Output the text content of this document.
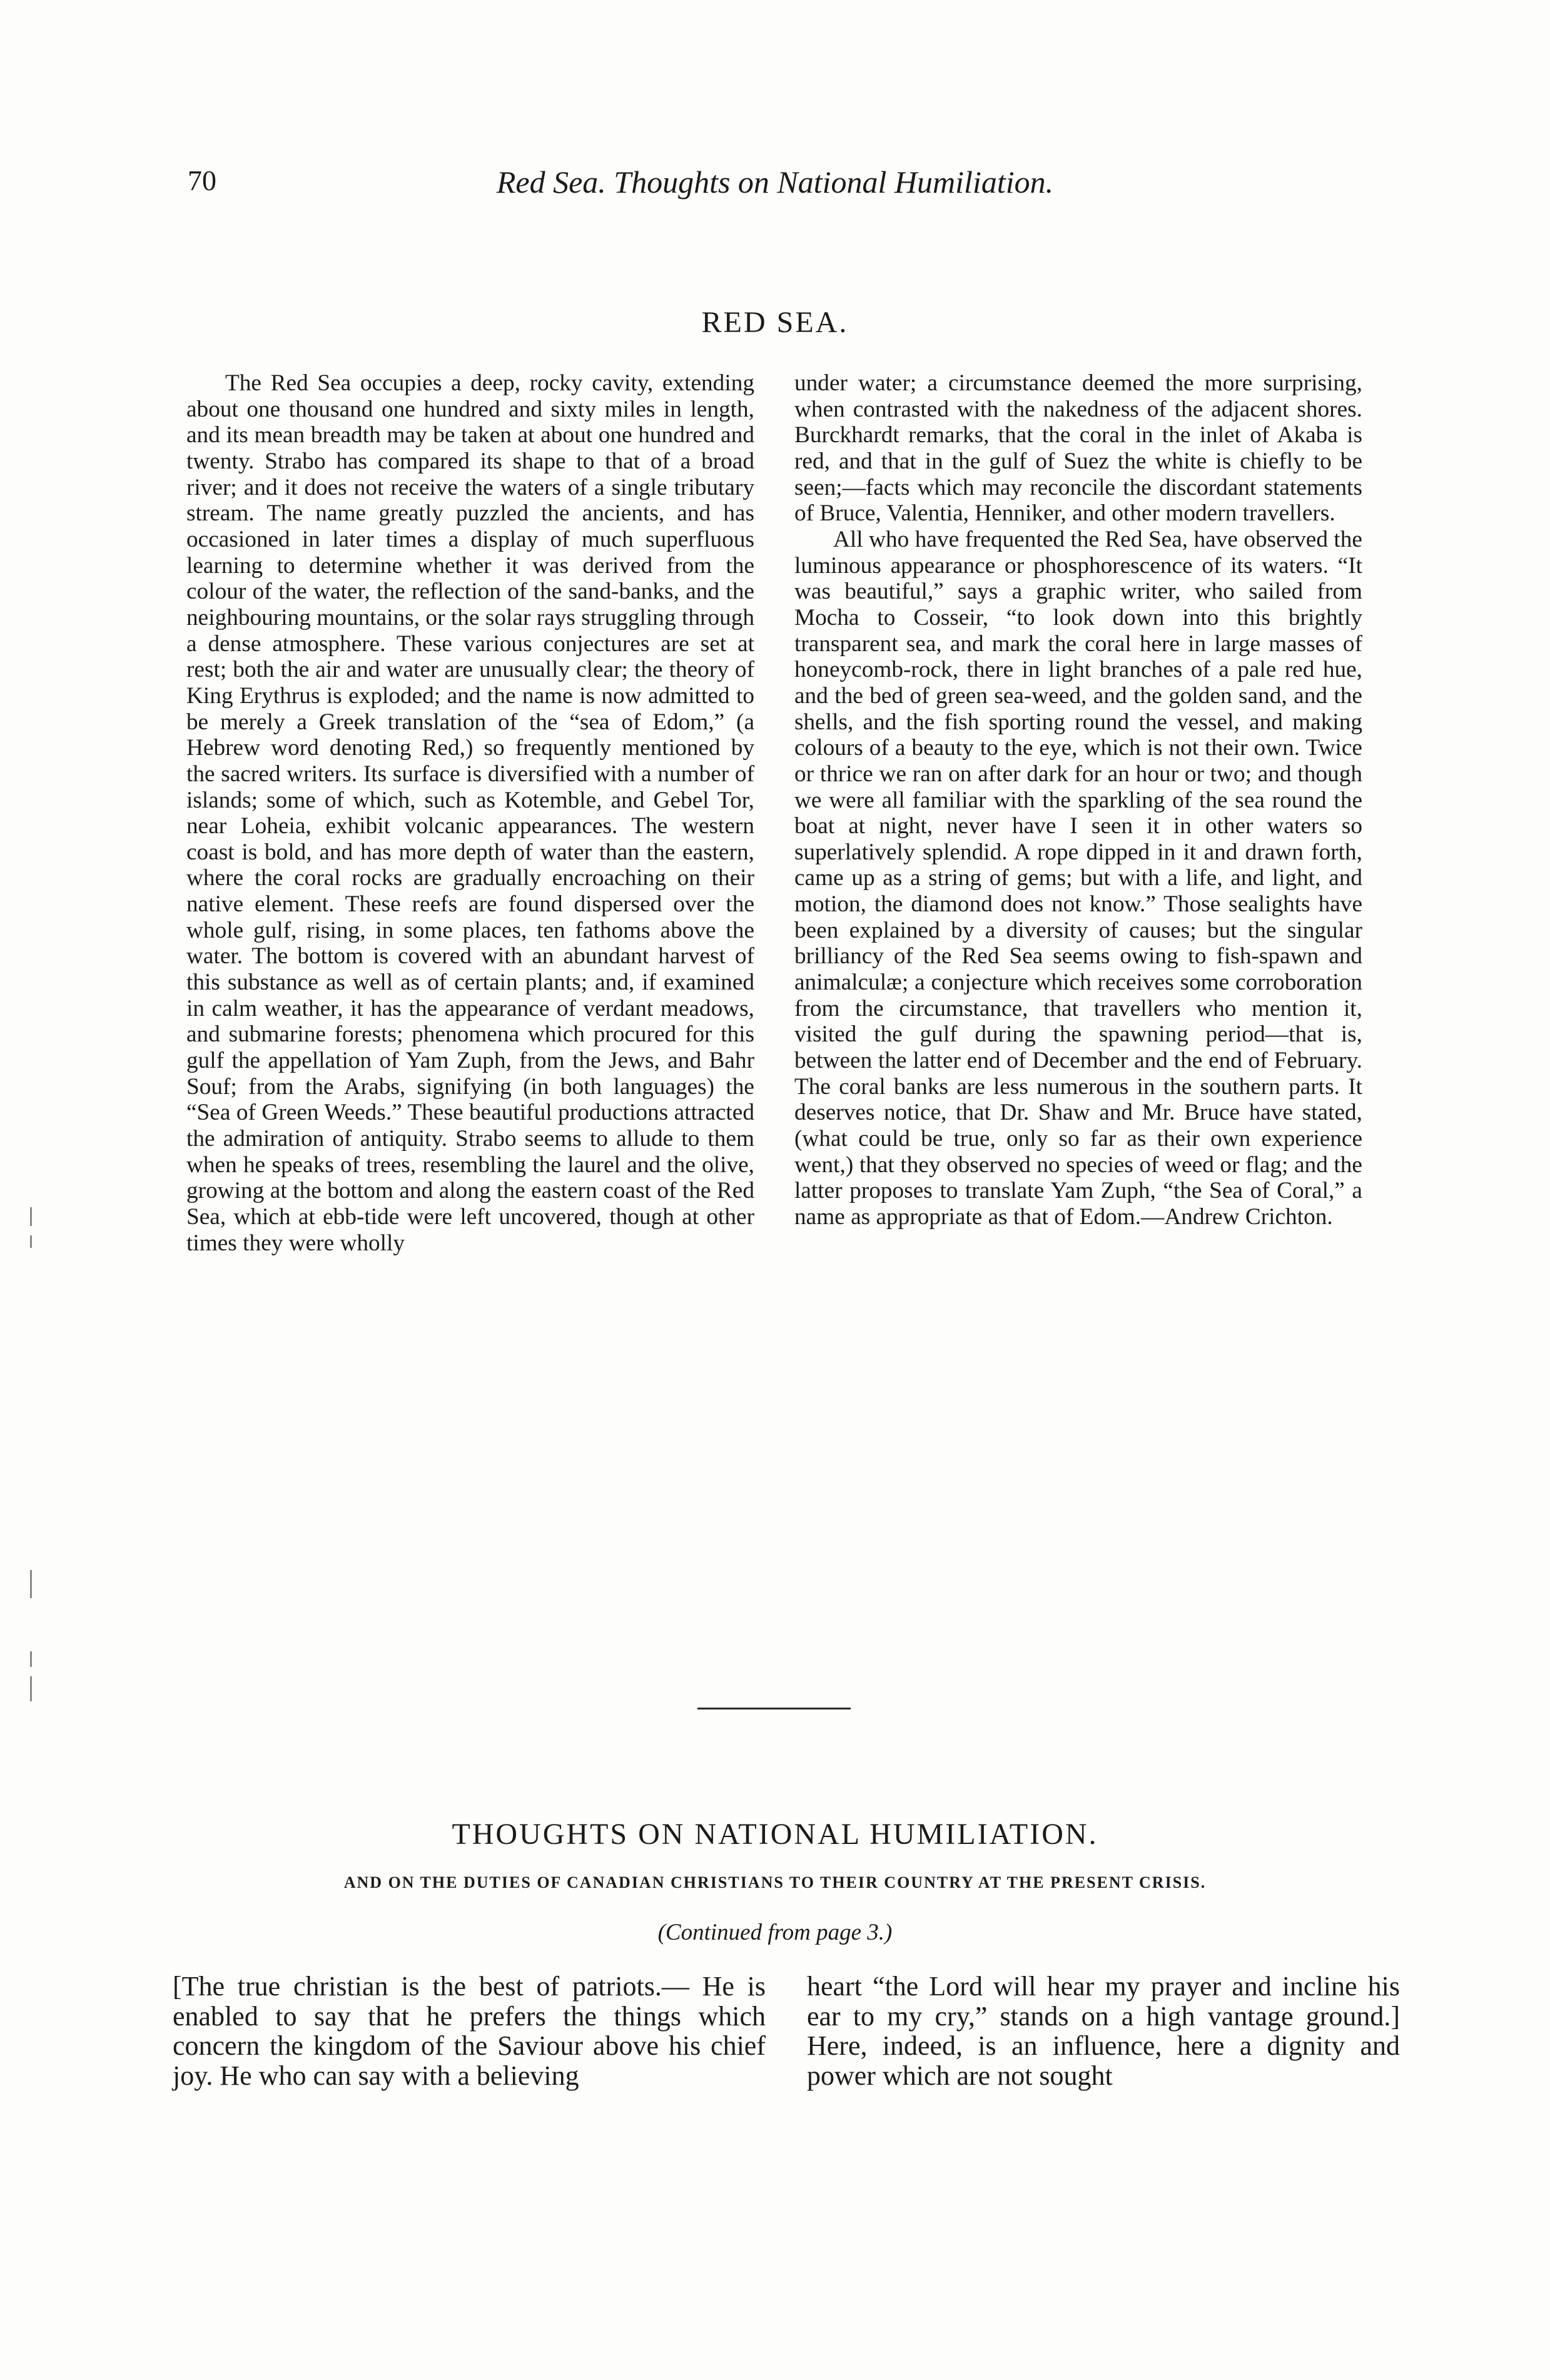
70	Red Sea. Thoughts on National Humiliation.
RED SEA.

The Red Sea occupies a deep, rocky cavity, extending about one thousand one hundred and sixty miles in length, and its mean breadth may be taken at about one hundred and twenty. Strabo has compared its shape to that of a broad river; and it does not receive the waters of a single tributary stream. The name greatly puzzled the ancients, and has occasioned in later times a display of much superfluous learning to determine whether it was derived from the colour of the water, the reflection of the sand-banks, and the neighbouring mountains, or the solar rays struggling through a dense atmosphere. These various conjectures are set at rest; both the air and water are unusually clear; the theory of King Erythrus is exploded; and the name is now admitted to be merely a Greek translation of the “sea of Edom,” (a Hebrew word denoting Red,) so frequently mentioned by the sacred writers. Its surface is diversified with a number of islands; some of which, such as Kotemble, and Gebel Tor, near Loheia, exhibit volcanic appearances. The western coast is bold, and has more depth of water than the eastern, where the coral rocks are gradually encroaching on their native element. These reefs are found dispersed over the whole gulf, rising, in some places, ten fathoms above the water. The bottom is covered with an abundant harvest of this substance as well as of certain plants; and, if examined in calm weather, it has the appearance of verdant meadows, and submarine forests; phenomena which procured for this gulf the appellation of Yam Zuph, from the Jews, and Bahr Souf; from the Arabs, signifying (in both languages) the “Sea of Green Weeds.” These beautiful productions attracted the admiration of antiquity. Strabo seems to allude to them when he speaks of trees, resembling the laurel and the olive, growing at the bottom and along the eastern coast of the Red Sea, which at ebb-tide were left uncovered, though at other times they were wholly

under water; a circumstance deemed the more surprising, when contrasted with the nakedness of the adjacent shores. Burckhardt remarks, that the coral in the inlet of Akaba is red, and that in the gulf of Suez the white is chiefly to be seen;—facts which may reconcile the discordant statements of Bruce, Valentia, Henniker, and other modern travellers.

All who have frequented the Red Sea, have observed the luminous appearance or phosphorescence of its waters. “It was beautiful,” says a graphic writer, who sailed from Mocha to Cosseir, “to look down into this brightly transparent sea, and mark the coral here in large masses of honeycomb-rock, there in light branches of a pale red hue, and the bed of green sea-weed, and the golden sand, and the shells, and the fish sporting round the vessel, and making colours of a beauty to the eye, which is not their own. Twice or thrice we ran on after dark for an hour or two; and though we were all familiar with the sparkling of the sea round the boat at night, never have I seen it in other waters so superlatively splendid. A rope dipped in it and drawn forth, came up as a string of gems; but with a life, and light, and motion, the diamond does not know.” Those sealights have been explained by a diversity of causes; but the singular brilliancy of the Red Sea seems owing to fish-spawn and animalculæ; a conjecture which receives some corroboration from the circumstance, that travellers who mention it, visited the gulf during the spawning period—that is, between the latter end of December and the end of February. The coral banks are less numerous in the southern parts. It deserves notice, that Dr. Shaw and Mr. Bruce have stated, (what could be true, only so far as their own experience went,) that they observed no species of weed or flag; and the latter proposes to translate Yam Zuph, “the Sea of Coral,” a name as appropriate as that of Edom.—Andrew Crichton.

THOUGHTS ON NATIONAL HUMILIATION.
AND ON THE DUTIES OF CANADIAN CHRISTIANS TO THEIR COUNTRY AT THE PRESENT CRISIS.
(Continued from page 3.)

[The true christian is the best of patriots.— He is enabled to say that he prefers the things which concern the kingdom of the Saviour above his chief joy. He who can say with a believing

heart “the Lord will hear my prayer and incline his ear to my cry,” stands on a high vantage ground.] Here, indeed, is an influence, here a dignity and power which are not sought
